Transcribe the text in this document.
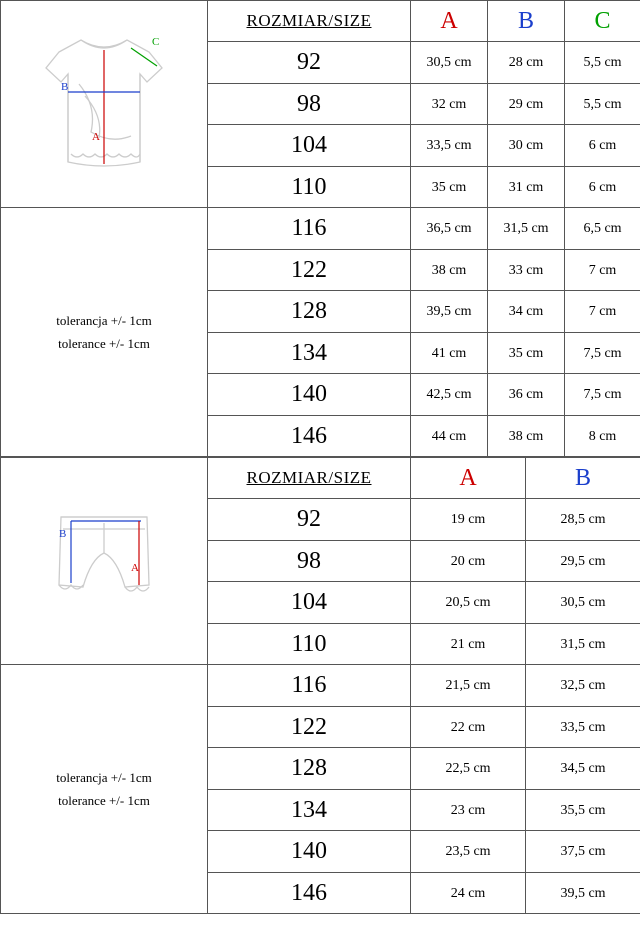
A
B
C	ROZMIAR/SIZE	A	B	C
	92	30,5 cm	28 cm	5,5 cm
	98	32 cm	29 cm	5,5 cm
	104	33,5 cm	30 cm	6 cm
	110	35 cm	31 cm	6 cm

tolerancja +/- 1cm
tolerance +/- 1cm	116	36,5 cm	31,5 cm	6,5 cm
	122	38 cm	33 cm	7 cm
	128	39,5 cm	34 cm	7 cm
	134	41 cm	35 cm	7,5 cm
	140	42,5 cm	36 cm	7,5 cm
	146	44 cm	38 cm	8 cm
B
A	ROZMIAR/SIZE	A	B
	92	19 cm	28,5 cm
	98	20 cm	29,5 cm
	104	20,5 cm	30,5 cm
	110	21 cm	31,5 cm

tolerancja +/- 1cm
tolerance +/- 1cm	116	21,5 cm	32,5 cm
	122	22 cm	33,5 cm
	128	22,5 cm	34,5 cm
	134	23 cm	35,5 cm
	140	23,5 cm	37,5 cm
	146	24 cm	39,5 cm
